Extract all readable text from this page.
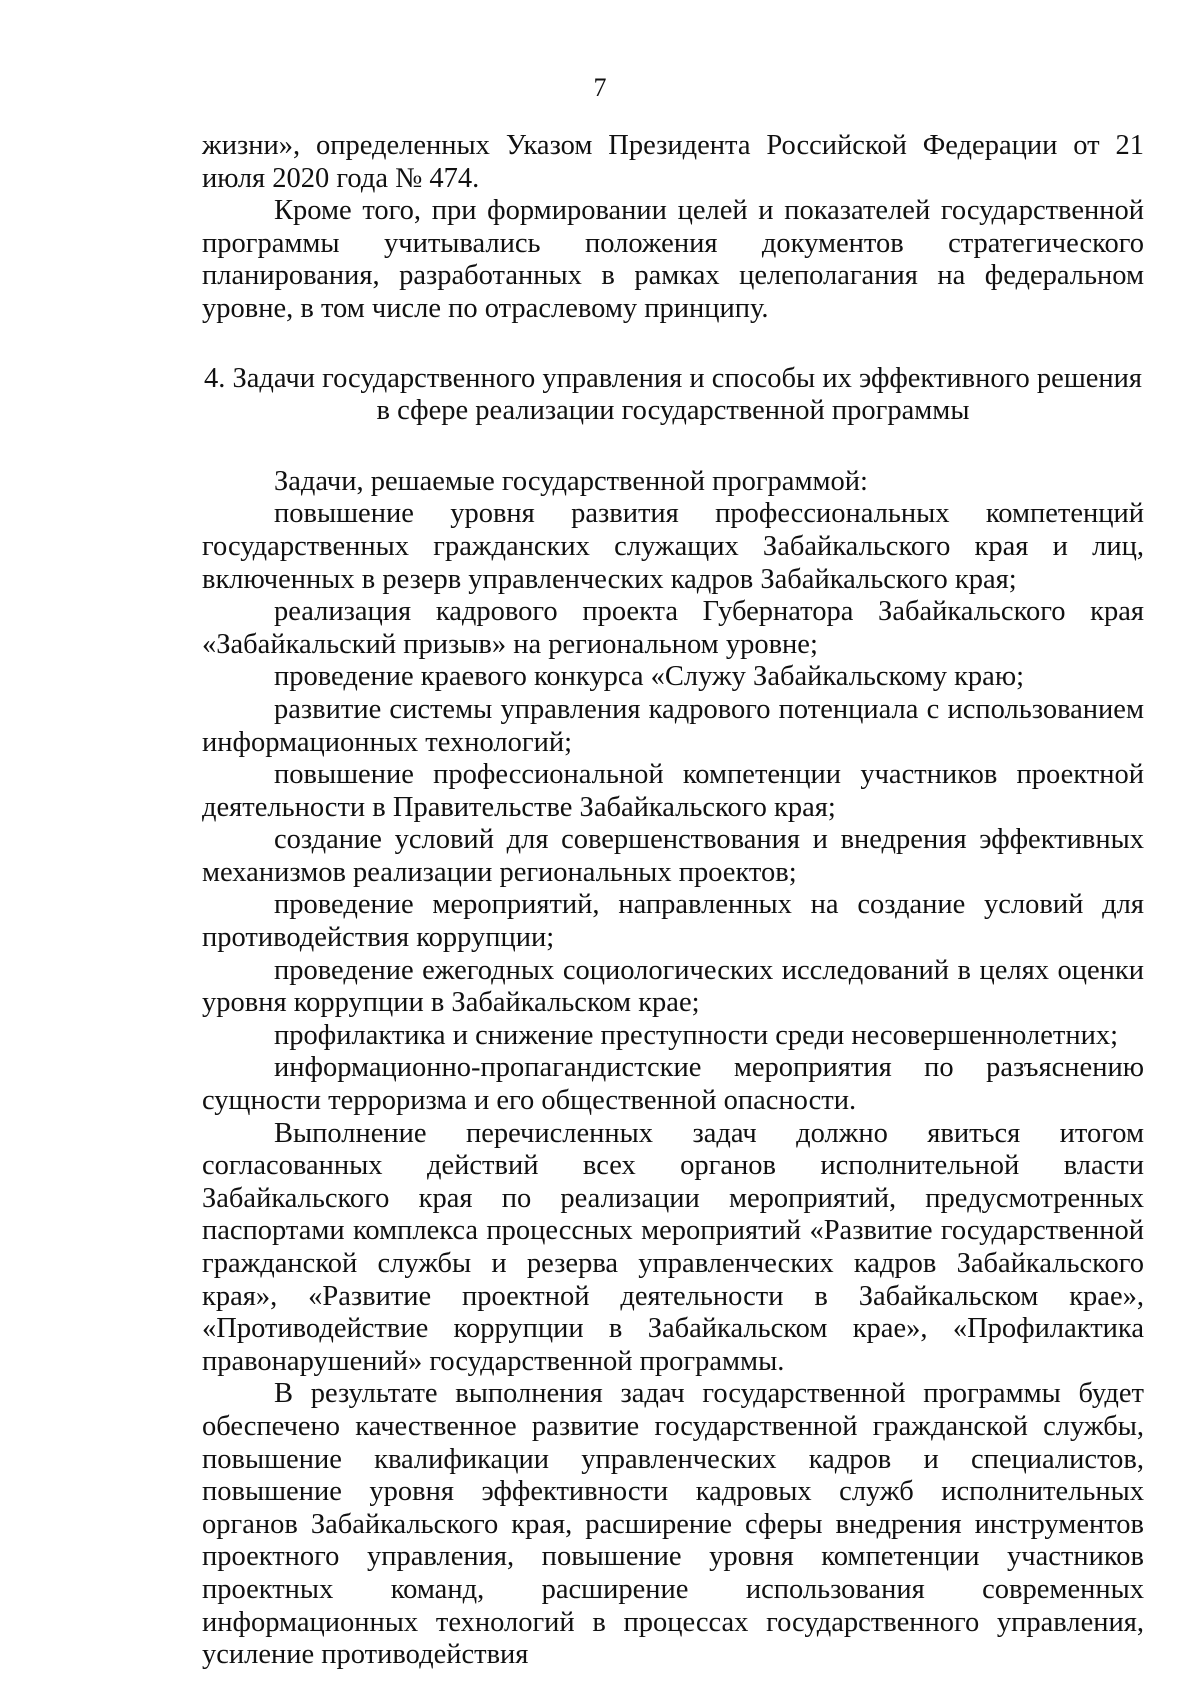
7

жизни», определенных Указом Президента Российской Федерации от 21 июля 2020 года № 474.

Кроме того, при формировании целей и показателей государственной программы учитывались положения документов стратегического планирования, разработанных в рамках целеполагания на федеральном уровне, в том числе по отраслевому принципу.

4. Задачи государственного управления и способы их эффективного решения
в сфере реализации государственной программы

Задачи, решаемые государственной программой:

повышение уровня развития профессиональных компетенций государственных гражданских служащих Забайкальского края и лиц, включенных в резерв управленческих кадров Забайкальского края;

реализация кадрового проекта Губернатора Забайкальского края «Забайкальский призыв» на региональном уровне;

проведение краевого конкурса «Служу Забайкальскому краю;

развитие системы управления кадрового потенциала с использованием информационных технологий;

повышение профессиональной компетенции участников проектной деятельности в Правительстве Забайкальского края;

создание условий для совершенствования и внедрения эффективных механизмов реализации региональных проектов;

проведение мероприятий, направленных на создание условий для противодействия коррупции;

проведение ежегодных социологических исследований в целях оценки уровня коррупции в Забайкальском крае;

профилактика и снижение преступности среди несовершеннолетних;

информационно-пропагандистские мероприятия по разъяснению сущности терроризма и его общественной опасности.

Выполнение перечисленных задач должно явиться итогом согласованных действий всех органов исполнительной власти Забайкальского края по реализации мероприятий, предусмотренных паспортами комплекса процессных мероприятий «Развитие государственной гражданской службы и резерва управленческих кадров Забайкальского края», «Развитие проектной деятельности в Забайкальском крае», «Противодействие коррупции в Забайкальском крае», «Профилактика правонарушений» государственной программы.

В результате выполнения задач государственной программы будет обеспечено качественное развитие государственной гражданской службы, повышение квалификации управленческих кадров и специалистов, повышение уровня эффективности кадровых служб исполнительных органов Забайкальского края, расширение сферы внедрения инструментов проектного управления, повышение уровня компетенции участников проектных команд, расширение использования современных информационных технологий в процессах государственного управления, усиление противодействия
